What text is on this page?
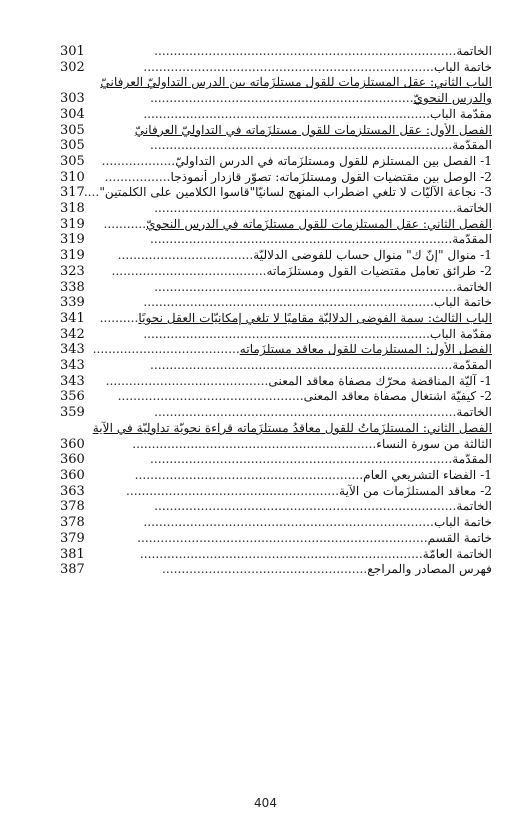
الخاتمة..............................................................................
301
خاتمة الباب...........................................................................
302
الباب الثاني: عقل المستلزمات للقول مستلزَماته بين الدرس التداوليّ العرفانيّ
والدرس النحويّ....................................................................
303
مقدّمة الباب..........................................................................
304
الفصل الأول: عقل المستلزمات للقول مستلزَماته في التداوليّ العرفانيّ
305
المقدّمة..............................................................................
305
1- الفصل بين المستلزم للقول ومستلزَماته في الدرس التداوليّ...................
305
2- الوصل بين مقتضيات القول ومستلزَماته: تصوّر قازدار أنموذجا.................
310
3- نجاعة الآليّات لا تلغي اضطراب المنهج لسانيّا"قاسوا الكلامين على الكلمتين"....
317
الخاتمة..............................................................................
318
الفصل الثاني: عقل المستلزمات للقول مستلزَماته في الدرس النحويّ...........
319
المقدّمة..............................................................................
319
1- منوال "إنّ ك" منوال حساب للفوضى الدلاليّة...................................
319
2- طرائق تعامل مقتضيات القول ومستلزَماته........................................
323
الخاتمة..............................................................................
338
خاتمة الباب...........................................................................
339
الباب الثالث: سمة الفوضى الدلاليّة مقاميًا لا تلغي إمكانيّات العقل نحويًا..........
341
مقدّمة الباب..........................................................................
342
الفصل الأول: المستلزمات للقول معاقد مستلزَماته......................................
343
المقدّمة..............................................................................
343
1- آليّة المناقضة محرّك مصفاة معاقد المعنى..........................................
343
2- كيفيّة اشتغال مصفاة معاقد المعنى................................................
356
الخاتمة..............................................................................
359
الفصل الثاني: المستلزَماتُ للقول معاقدُ مستلزَماته قراءة نحويّة تداوليّة في الآية
الثالثة من سورة النساء...............................................................
360
المقدّمة..............................................................................
360
1- الفضاء التشريعي العام...........................................................
360
2- معاقد المستلزَمات من الآية.......................................................
363
الخاتمة..............................................................................
378
خاتمة الباب...........................................................................
378
خاتمة القسم...........................................................................
379
الخاتمة العامّة.........................................................................
381
فهرس المصادر والمراجع.....................................................
387
404
